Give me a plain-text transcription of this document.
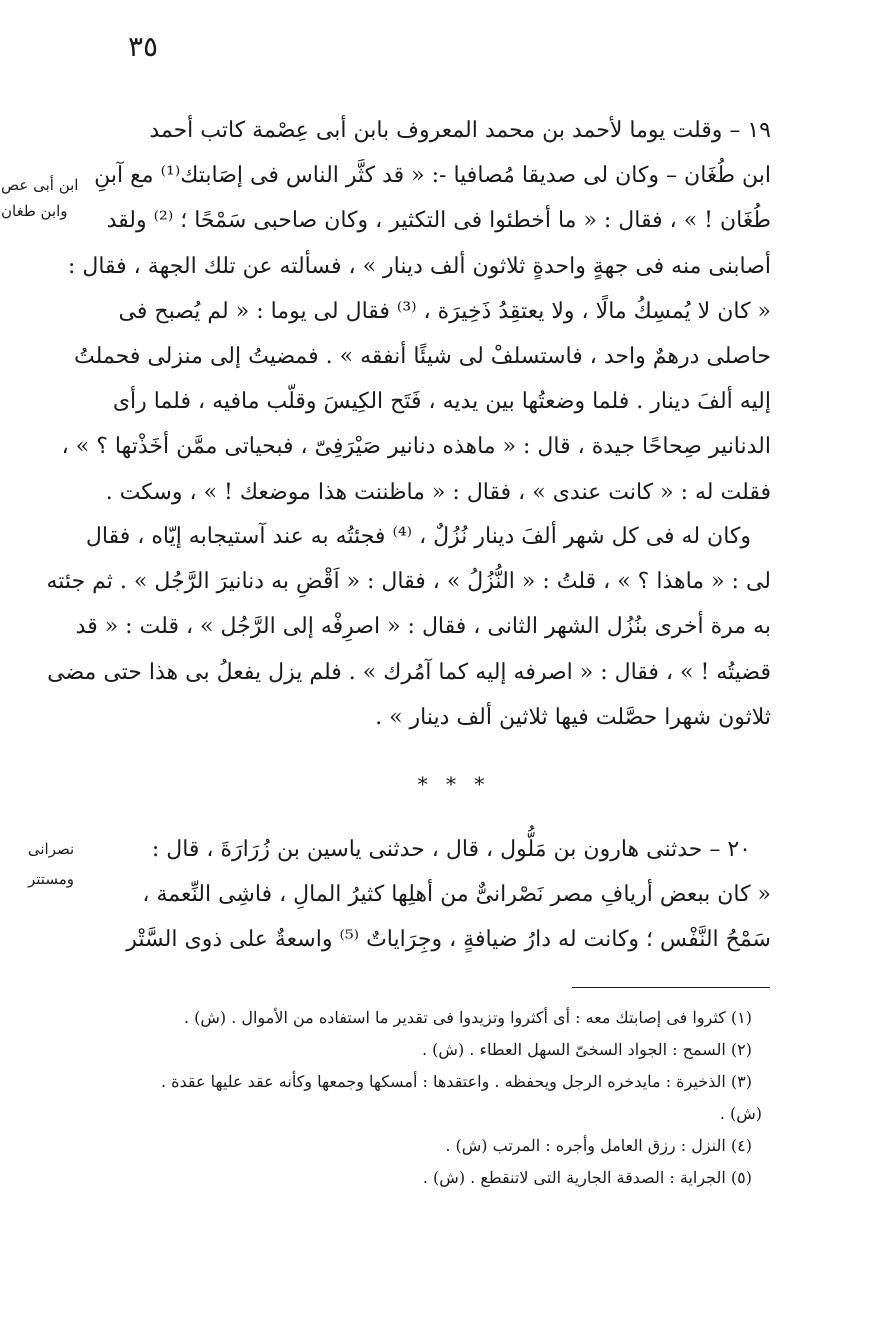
٣٥
ابن أبى عص
وابن طغان
نصرانى
ومستتر
١٩ – وقلت يوما لأحمد بن محمد المعروف بابن أبى عِصْمة كاتب أحمد
ابن طُغَان – وكان لى صديقا مُصافيا -: « قد كثَّر الناس فى إصَابتك⁽¹⁾ مع آبنِ
طُغَان ! » ، فقال : « ما أخطئوا فى التكثير ، وكان صاحبى سَمْحًا ؛ ⁽²⁾ ولقد
أصابنى منه فى جهةٍ واحدةٍ ثلاثون ألف دينار » ، فسألته عن تلك الجهة ، فقال :
« كان لا يُمسِكُ مالًا ، ولا يعتقِدُ ذَخِيرَة ، ⁽³⁾ فقال لى يوما : « لم يُصبح فى
حاصلى درهمٌ واحد ، فاستسلفْ لى شيئًا أنفقه » . فمضيتُ إلى منزلى فحملتُ
إليه ألفَ دينار . فلما وضعتُها بين يديه ، فَتَح الكِيسَ وقلّب مافيه ، فلما رأى
الدنانير صِحاحًا جيدة ، قال : « ماهذه دنانير صَيْرَفِىّ ، فبحياتى ممَّن أخَذْتها ؟ » ،
فقلت له : « كانت عندى » ، فقال : « ماظننت هذا موضعك ! » ، وسكت .
وكان له فى كل شهر ألفَ دينار نُزُلٌ ، ⁽⁴⁾ فجئتُه به عند آستيجابه إيّاه ، فقال
لى : « ماهذا ؟ » ، قلتُ : « النُّزُلُ » ، فقال : « اَقْضِ به دنانيرَ الرَّجُل » . ثم جئته
به مرة أخرى بنُزُل الشهر الثانى ، فقال : « اصرِفْه إلى الرَّجُل » ، قلت : « قد
قضيتُه ! » ، فقال : « اصرفه إليه كما آمُرك » . فلم يزل يفعلُ بى هذا حتى مضى
ثلاثون شهرا حصَّلت فيها ثلاثين ألف دينار » .
* * *
٢٠ – حدثنى هارون بن مَلُّول ، قال ، حدثنى ياسين بن زُرَارَةَ ، قال :
« كان ببعض أريافِ مصر نَصْرانىٌّ من أهلِها كثيرُ المالِ ، فاشِى النِّعمة ،
سَمْحُ النَّفْس ؛ وكانت له دارُ ضيافةٍ ، وجِرَاياتٌ ⁽⁵⁾ واسعةٌ على ذوى السَّتْر
(١) كثروا فى إصابتك معه : أى أكثروا وتزيدوا فى تقدير ما استفاده من الأموال . (ش) .
(٢) السمح : الجواد السخىّ السهل العطاء . (ش) .
(٣) الذخيرة : مايدخره الرجل ويحفظه . واعتقدها : أمسكها وجمعها وكأنه عقد عليها عقدة .
(ش) .
(٤) النزل : رزق العامل وأجره : المرتب (ش) .
(٥) الجراية : الصدقة الجارية التى لاتنقطع . (ش) .
